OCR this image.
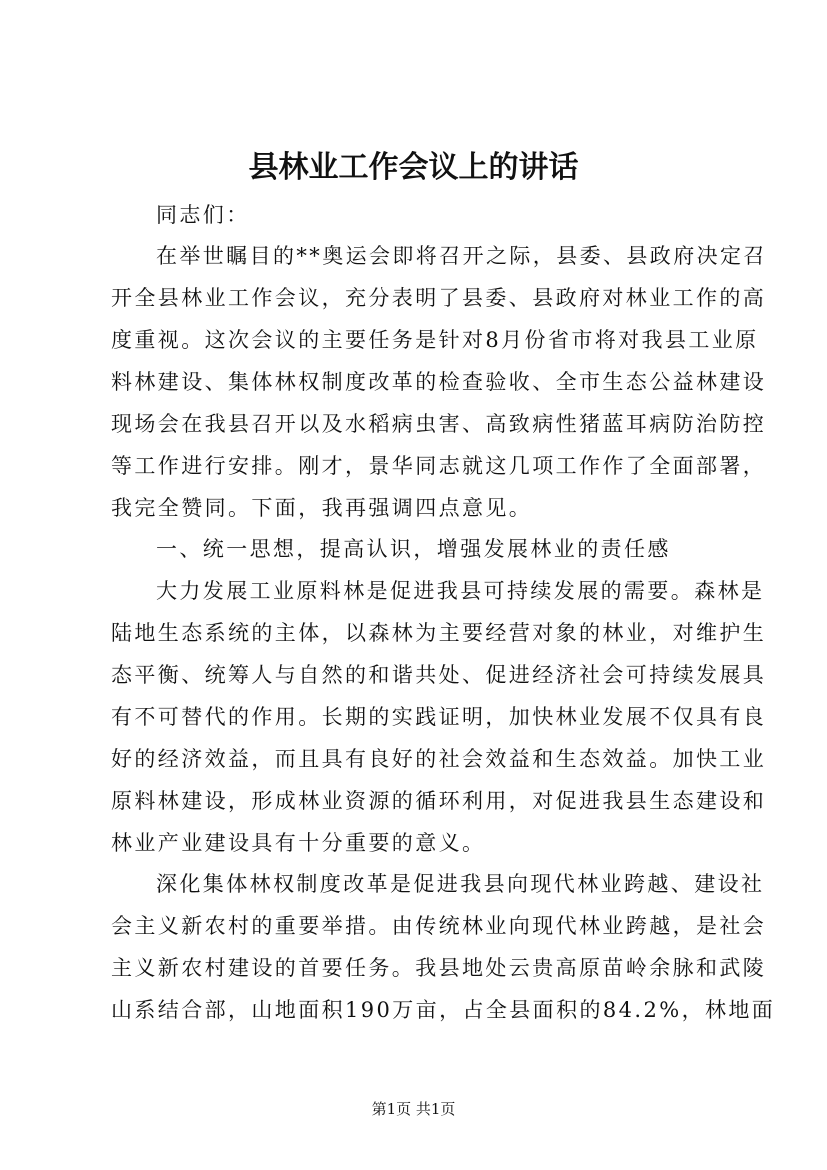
县林业工作会议上的讲话
同志们：
在举世瞩目的**奥运会即将召开之际，县委、县政府决定召
开全县林业工作会议，充分表明了县委、县政府对林业工作的高
度重视。这次会议的主要任务是针对8月份省市将对我县工业原
料林建设、集体林权制度改革的检查验收、全市生态公益林建设
现场会在我县召开以及水稻病虫害、高致病性猪蓝耳病防治防控
等工作进行安排。刚才，景华同志就这几项工作作了全面部署，
我完全赞同。下面，我再强调四点意见。
一、统一思想，提高认识，增强发展林业的责任感
大力发展工业原料林是促进我县可持续发展的需要。森林是
陆地生态系统的主体，以森林为主要经营对象的林业，对维护生
态平衡、统筹人与自然的和谐共处、促进经济社会可持续发展具
有不可替代的作用。长期的实践证明，加快林业发展不仅具有良
好的经济效益，而且具有良好的社会效益和生态效益。加快工业
原料林建设，形成林业资源的循环利用，对促进我县生态建设和
林业产业建设具有十分重要的意义。
深化集体林权制度改革是促进我县向现代林业跨越、建设社
会主义新农村的重要举措。由传统林业向现代林业跨越，是社会
主义新农村建设的首要任务。我县地处云贵高原苗岭余脉和武陵
山系结合部，山地面积190万亩，占全县面积的84.2%，林地面
第1页 共1页
